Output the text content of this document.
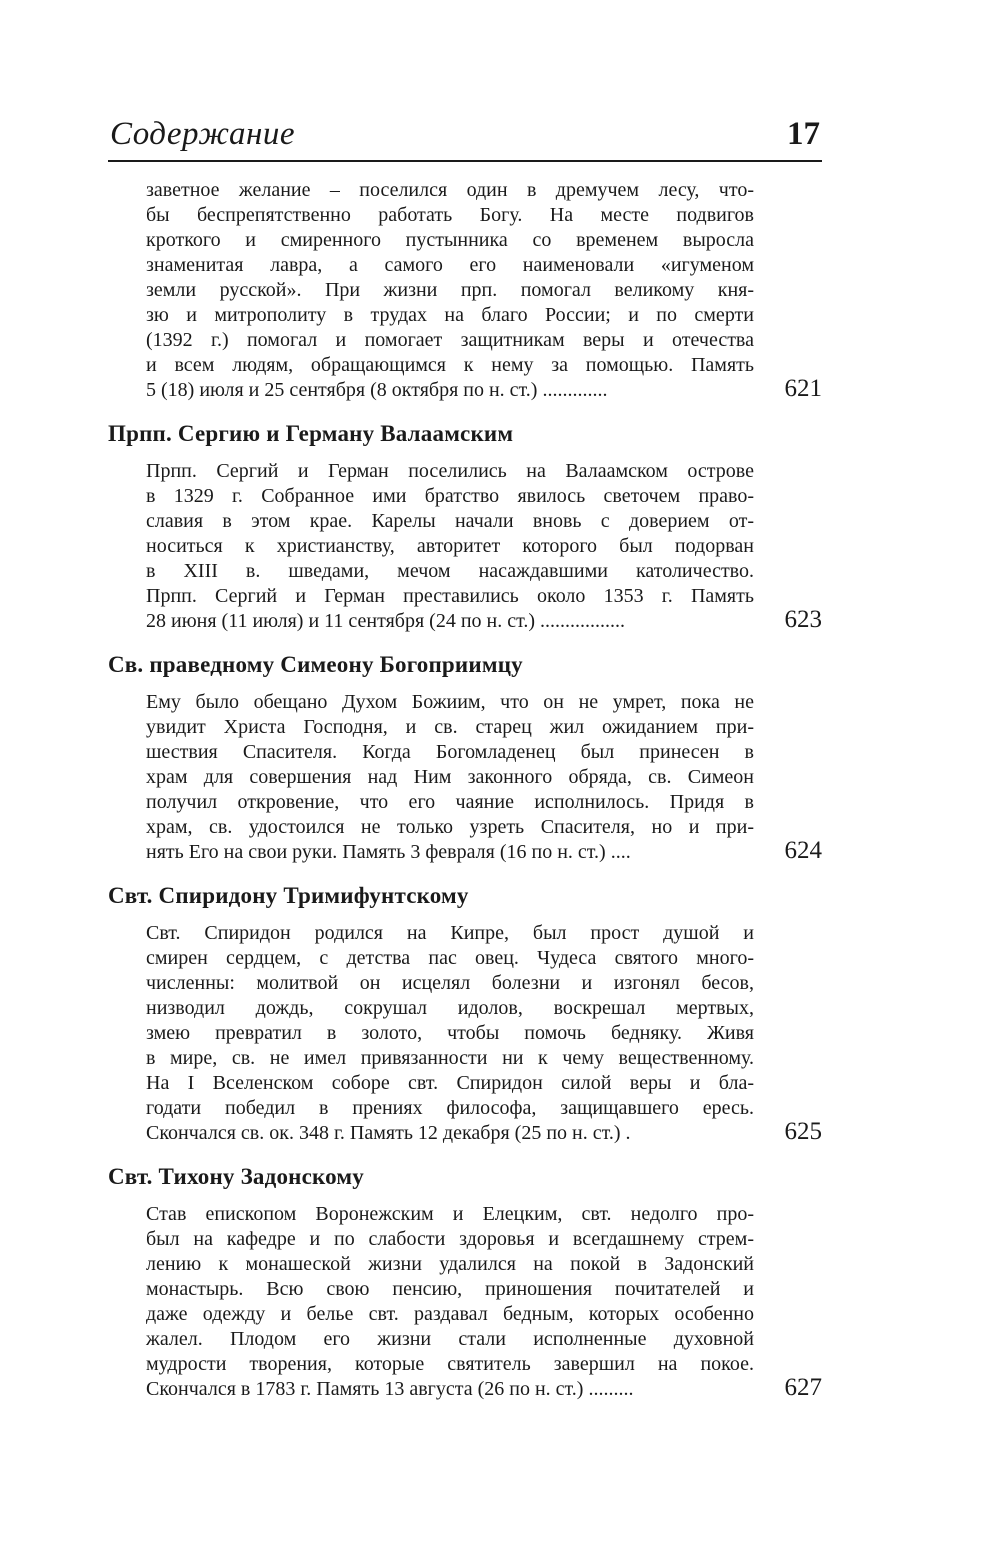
Содержание	17
заветное желание – поселился один в дремучем лесу, что-
бы беспрепятственно работать Богу. На месте подвигов
кроткого и смиренного пустынника со временем выросла
знаменитая лавра, а самого его наименовали «игуменом
земли русской». При жизни прп. помогал великому кня-
зю и митрополиту в трудах на благо России; и по смерти
(1392 г.) помогал и помогает защитникам веры и отечества
и всем людям, обращающимся к нему за помощью. Память
5 (18) июля и 25 сентября (8 октября по н. ст.) .............	621
Прпп. Сергию и Герману Валаамским
Прпп. Сергий и Герман поселились на Валаамском острове
в 1329 г. Собранное ими братство явилось светочем право-
славия в этом крае. Карелы начали вновь с доверием от-
носиться к христианству, авторитет которого был подорван
в XIII в. шведами, мечом насаждавшими католичество.
Прпп. Сергий и Герман преставились около 1353 г. Память
28 июня (11 июля) и 11 сентября (24 по н. ст.) .................	623
Св. праведному Симеону Богоприимцу
Ему было обещано Духом Божиим, что он не умрет, пока не
увидит Христа Господня, и св. старец жил ожиданием при-
шествия Спасителя. Когда Богомладенец был принесен в
храм для совершения над Ним законного обряда, св. Симеон
получил откровение, что его чаяние исполнилось. Придя в
храм, св. удостоился не только узреть Спасителя, но и при-
нять Его на свои руки. Память 3 февраля (16 по н. ст.) ....	624
Свт. Спиридону Тримифунтскому
Свт. Спиридон родился на Кипре, был прост душой и
смирен сердцем, с детства пас овец. Чудеса святого много-
численны: молитвой он исцелял болезни и изгонял бесов,
низводил дождь, сокрушал идолов, воскрешал мертвых,
змею превратил в золото, чтобы помочь бедняку. Живя
в мире, св. не имел привязанности ни к чему вещественному.
На I Вселенском соборе свт. Спиридон силой веры и бла-
годати победил в прениях философа, защищавшего ересь.
Скончался св. ок. 348 г. Память 12 декабря (25 по н. ст.) .	625
Свт. Тихону Задонскому
Став епископом Воронежским и Елецким, свт. недолго про-
был на кафедре и по слабости здоровья и всегдашнему стрем-
лению к монашеской жизни удалился на покой в Задонский
монастырь. Всю свою пенсию, приношения почитателей и
даже одежду и белье свт. раздавал бедным, которых особенно
жалел. Плодом его жизни стали исполненные духовной
мудрости творения, которые святитель завершил на покое.
Скончался в 1783 г. Память 13 августа (26 по н. ст.) .........	627
